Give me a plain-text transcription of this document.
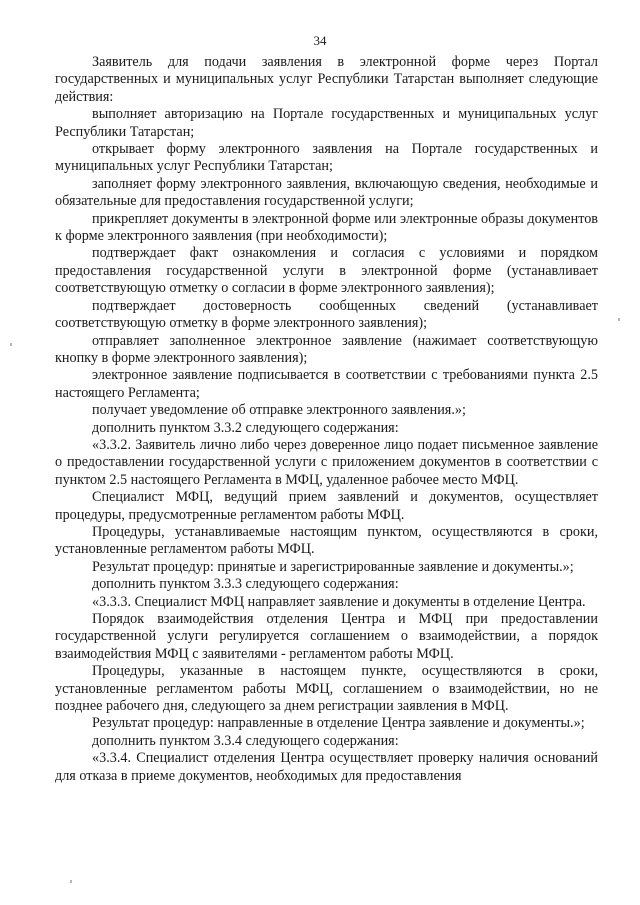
34

Заявитель для подачи заявления в электронной форме через Портал государственных и муниципальных услуг Республики Татарстан выполняет следующие действия:

выполняет авторизацию на Портале государственных и муниципальных услуг Республики Татарстан;

открывает форму электронного заявления на Портале государственных и муниципальных услуг Республики Татарстан;

заполняет форму электронного заявления, включающую сведения, необходимые и обязательные для предоставления государственной услуги;

прикрепляет документы в электронной форме или электронные образы документов к форме электронного заявления (при необходимости);

подтверждает факт ознакомления и согласия с условиями и порядком предоставления государственной услуги в электронной форме (устанавливает соответствующую отметку о согласии в форме электронного заявления);

подтверждает достоверность сообщенных сведений (устанавливает соответствующую отметку в форме электронного заявления);

отправляет заполненное электронное заявление (нажимает соответствующую кнопку в форме электронного заявления);

электронное заявление подписывается в соответствии с требованиями пункта 2.5 настоящего Регламента;

получает уведомление об отправке электронного заявления.»;

дополнить пунктом 3.3.2 следующего содержания:

«3.3.2. Заявитель лично либо через доверенное лицо подает письменное заявление о предоставлении государственной услуги с приложением документов в соответствии с пунктом 2.5 настоящего Регламента в МФЦ, удаленное рабочее место МФЦ.

Специалист МФЦ, ведущий прием заявлений и документов, осуществляет процедуры, предусмотренные регламентом работы МФЦ.

Процедуры, устанавливаемые настоящим пунктом, осуществляются в сроки, установленные регламентом работы МФЦ.

Результат процедур: принятые и зарегистрированные заявление и документы.»;

дополнить пунктом 3.3.3 следующего содержания:

«3.3.3. Специалист МФЦ направляет заявление и документы в отделение Центра.

Порядок взаимодействия отделения Центра и МФЦ при предоставлении государственной услуги регулируется соглашением о взаимодействии, а порядок взаимодействия МФЦ с заявителями - регламентом работы МФЦ.

Процедуры, указанные в настоящем пункте, осуществляются в сроки, установленные регламентом работы МФЦ, соглашением о взаимодействии, но не позднее рабочего дня, следующего за днем регистрации заявления в МФЦ.

Результат процедур: направленные в отделение Центра заявление и документы.»;

дополнить пунктом 3.3.4 следующего содержания:

«3.3.4. Специалист отделения Центра осуществляет проверку наличия оснований для отказа в приеме документов, необходимых для предоставления
